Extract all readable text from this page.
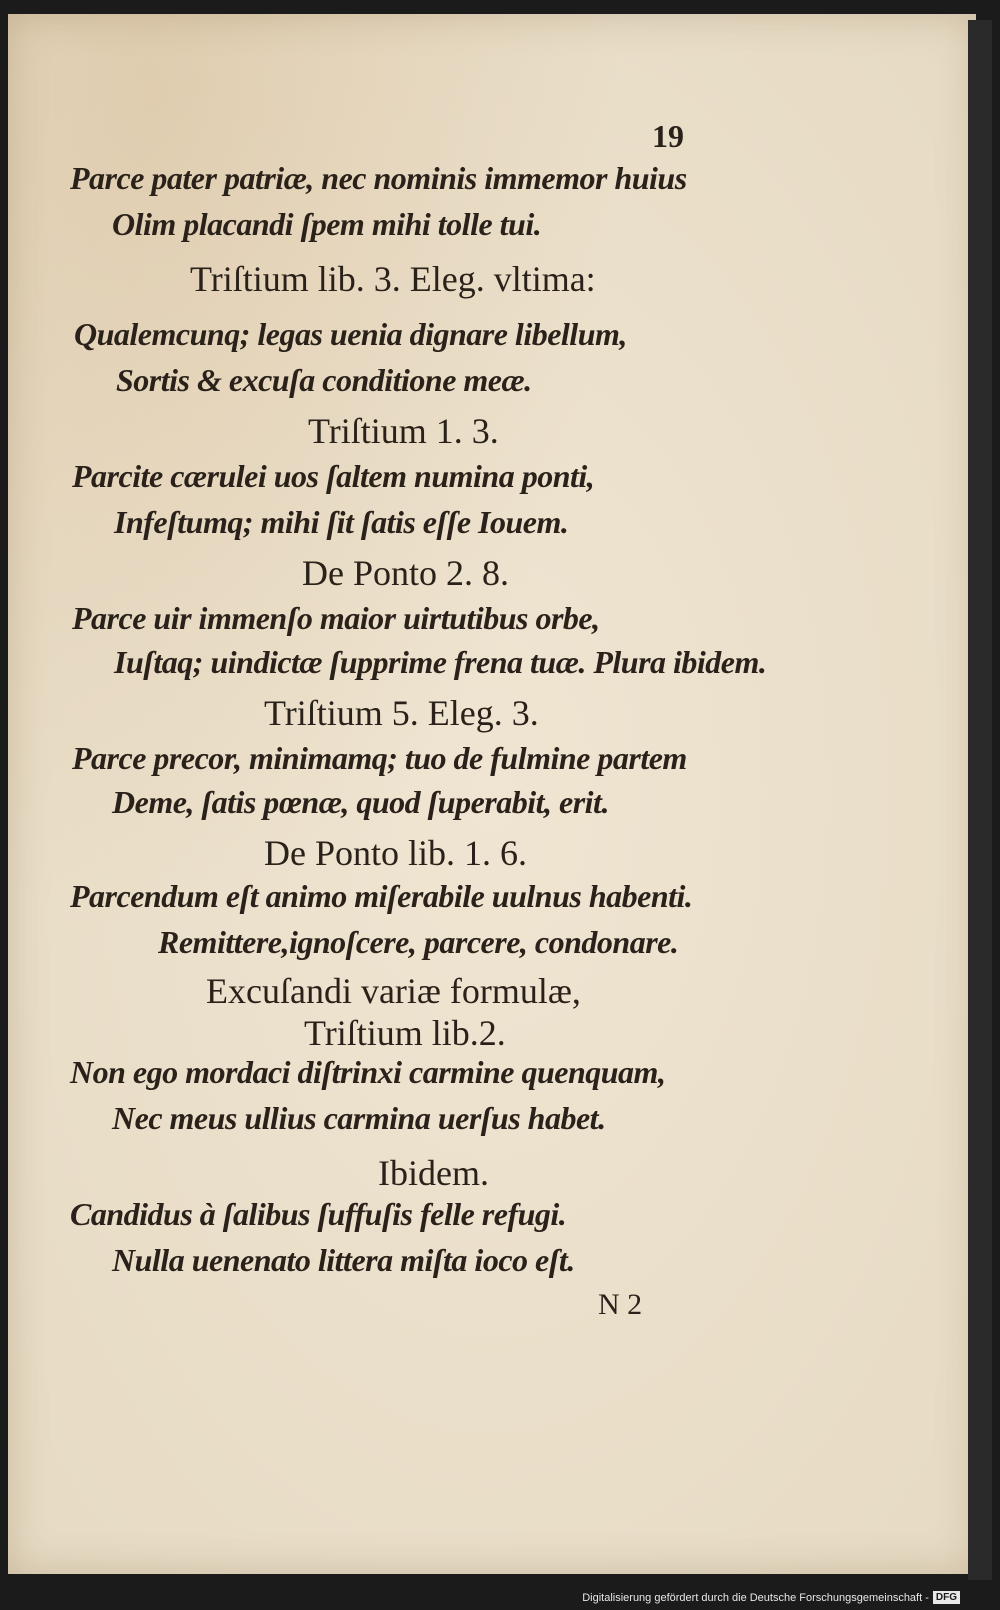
19
Parce pater patriæ, nec nominis immemor huius
Olim placandi ſpem mihi tolle tui.
Triſtium lib. 3. Eleg. vltima:
Qualemcunq; legas uenia dignare libellum,
Sortis & excuſa conditione meæ.
Triſtium 1. 3.
Parcite cærulei uos ſaltem numina ponti,
Infeſtumq; mihi ſit ſatis eſſe Iouem.
De Ponto 2. 8.
Parce uir immenſo maior uirtutibus orbe,
Iuſtaq; uindictæ ſupprime frena tuæ. Plura ibidem.
Triſtium 5. Eleg. 3.
Parce precor, minimamq; tuo de fulmine partem
Deme, ſatis pœnæ, quod ſuperabit, erit.
De Ponto lib. 1. 6.
Parcendum eſt animo miſerabile uulnus habenti.
Remittere,ignoſcere, parcere, condonare.
Excuſandi variæ formulæ,
Triſtium lib.2.
Non ego mordaci diſtrinxi carmine quenquam,
Nec meus ullius carmina uerſus habet.
Ibidem.
Candidus à ſalibus ſuffuſis felle refugi.
Nulla uenenato littera miſta ioco eſt.
N 2
Digitalisierung gefördert durch die Deutsche Forschungsgemeinschaft - DFG
